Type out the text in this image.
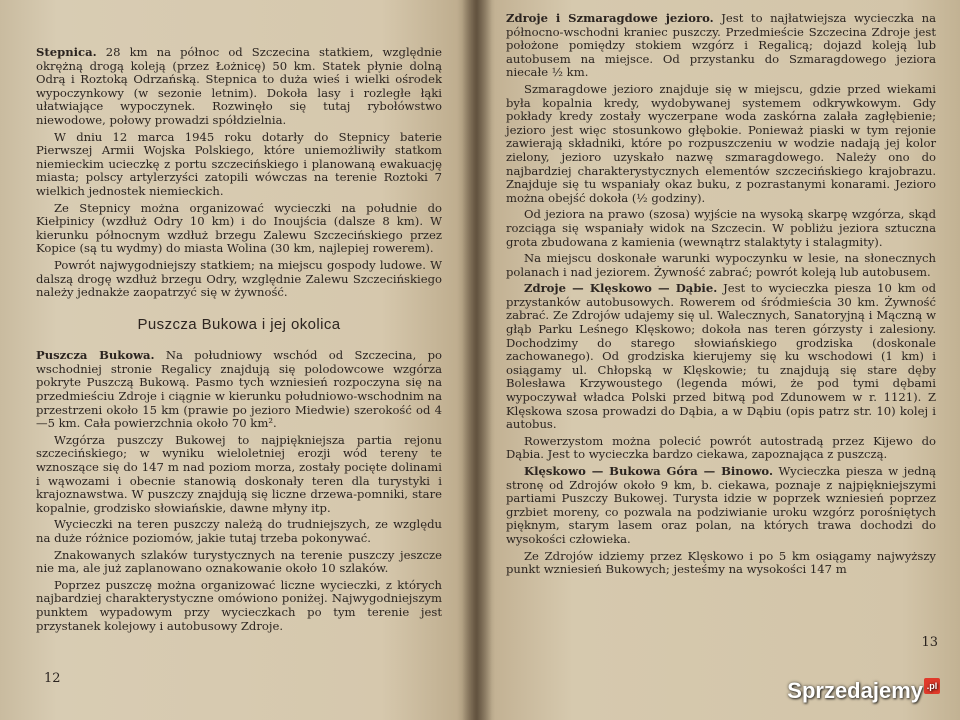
Stepnica. 28 km na północ od Szczecina statkiem, względnie okrężną drogą koleją (przez Łożnicę) 50 km. Statek płynie dolną Odrą i Roztoką Odrzańską. Stepnica to duża wieś i wielki ośrodek wypoczynkowy (w sezonie letnim). Dokoła lasy i rozległe łąki ułatwiające wypoczynek. Rozwinęło się tutaj rybołówstwo niewodowe, połowy prowadzi spółdzielnia.

W dniu 12 marca 1945 roku dotarły do Stepnicy baterie Pierwszej Armii Wojska Polskiego, które uniemożliwiły statkom niemieckim ucieczkę z portu szczecińskiego i planowaną ewakuację miasta; polscy artylerzyści zatopili wówczas na terenie Roztoki 7 wielkich jednostek niemieckich.

Ze Stepnicy można organizować wycieczki na południe do Kiełpinicy (wzdłuż Odry 10 km) i do Inoujścia (dalsze 8 km). W kierunku północnym wzdłuż brzegu Zalewu Szczecińskiego przez Kopice (są tu wydmy) do miasta Wolina (30 km, najlepiej rowerem).

Powrót najwygodniejszy statkiem; na miejscu gospody ludowe. W dalszą drogę wzdłuż brzegu Odry, względnie Zalewu Szczecińskiego należy jednakże zaopatrzyć się w żywność.

Puszcza Bukowa i jej okolica

Puszcza Bukowa. Na południowy wschód od Szczecina, po wschodniej stronie Regalicy znajdują się polodowcowe wzgórza pokryte Puszczą Bukową. Pasmo tych wzniesień rozpoczyna się na przedmieściu Zdroje i ciągnie w kierunku południowo-wschodnim na przestrzeni około 15 km (prawie po jezioro Miedwie) szerokość od 4—5 km. Cała powierzchnia około 70 km².

Wzgórza puszczy Bukowej to najpiękniejsza partia rejonu szczecińskiego; w wyniku wieloletniej erozji wód tereny te wznoszące się do 147 m nad poziom morza, zostały pocięte dolinami i wąwozami i obecnie stanowią doskonały teren dla turystyki i krajoznawstwa. W puszczy znajdują się liczne drzewa-pomniki, stare kopalnie, grodzisko słowiańskie, dawne młyny itp.

Wycieczki na teren puszczy należą do trudniejszych, ze względu na duże różnice poziomów, jakie tutaj trzeba pokonywać.

Znakowanych szlaków turystycznych na terenie puszczy jeszcze nie ma, ale już zaplanowano oznakowanie około 10 szlaków.

Poprzez puszczę można organizować liczne wycieczki, z których najbardziej charakterystyczne omówiono poniżej. Najwygodniejszym punktem wypadowym przy wycieczkach po tym terenie jest przystanek kolejowy i autobusowy Zdroje.

12

Zdroje i Szmaragdowe jezioro. Jest to najłatwiejsza wycieczka na północno-wschodni kraniec puszczy. Przedmieście Szczecina Zdroje jest położone pomiędzy stokiem wzgórz i Regalicą; dojazd koleją lub autobusem na miejsce. Od przystanku do Szmaragdowego jeziora niecałe ½ km.

Szmaragdowe jezioro znajduje się w miejscu, gdzie przed wiekami była kopalnia kredy, wydobywanej systemem odkrywkowym. Gdy pokłady kredy zostały wyczerpane woda zaskórna zalała zagłębienie; jezioro jest więc stosunkowo głębokie. Ponieważ piaski w tym rejonie zawierają składniki, które po rozpuszczeniu w wodzie nadają jej kolor zielony, jezioro uzyskało nazwę szmaragdowego. Należy ono do najbardziej charakterystycznych elementów szczecińskiego krajobrazu. Znajduje się tu wspaniały okaz buku, z pozrastanymi konarami. Jezioro można obejść dokoła (½ godziny).

Od jeziora na prawo (szosa) wyjście na wysoką skarpę wzgórza, skąd rozciąga się wspaniały widok na Szczecin. W pobliżu jeziora sztuczna grota zbudowana z kamienia (wewnątrz stalaktyty i stalagmity).

Na miejscu doskonałe warunki wypoczynku w lesie, na słonecznych polanach i nad jeziorem. Żywność zabrać; powrót koleją lub autobusem.

Zdroje — Klęskowo — Dąbie. Jest to wycieczka piesza 10 km od przystanków autobusowych. Rowerem od śródmieścia 30 km. Żywność zabrać. Ze Zdrojów udajemy się ul. Walecznych, Sanatoryjną i Mączną w głąb Parku Leśnego Klęskowo; dokoła nas teren górzysty i zalesiony. Dochodzimy do starego słowiańskiego grodziska (doskonale zachowanego). Od grodziska kierujemy się ku wschodowi (1 km) i osiągamy ul. Chłopską w Klęskowie; tu znajdują się stare dęby Bolesława Krzywoustego (legenda mówi, że pod tymi dębami wypoczywał władca Polski przed bitwą pod Zdunowem w r. 1121). Z Klęskowa szosa prowadzi do Dąbia, a w Dąbiu (opis patrz str. 10) kolej i autobus.

Rowerzystom można polecić powrót autostradą przez Kijewo do Dąbia. Jest to wycieczka bardzo ciekawa, zapoznająca z puszczą.

Klęskowo — Bukowa Góra — Binowo. Wycieczka piesza w jedną stronę od Zdrojów około 9 km, b. ciekawa, poznaje z najpiękniejszymi partiami Puszczy Bukowej. Turysta idzie w poprzek wzniesień poprzez grzbiet moreny, co pozwala na podziwianie uroku wzgórz porośniętych pięknym, starym lasem oraz polan, na których trawa dochodzi do wysokości człowieka.

Ze Zdrojów idziemy przez Klęskowo i po 5 km osiągamy najwyższy punkt wzniesień Bukowych; jesteśmy na wysokości 147 m

13
Sprzedajemy .pl
